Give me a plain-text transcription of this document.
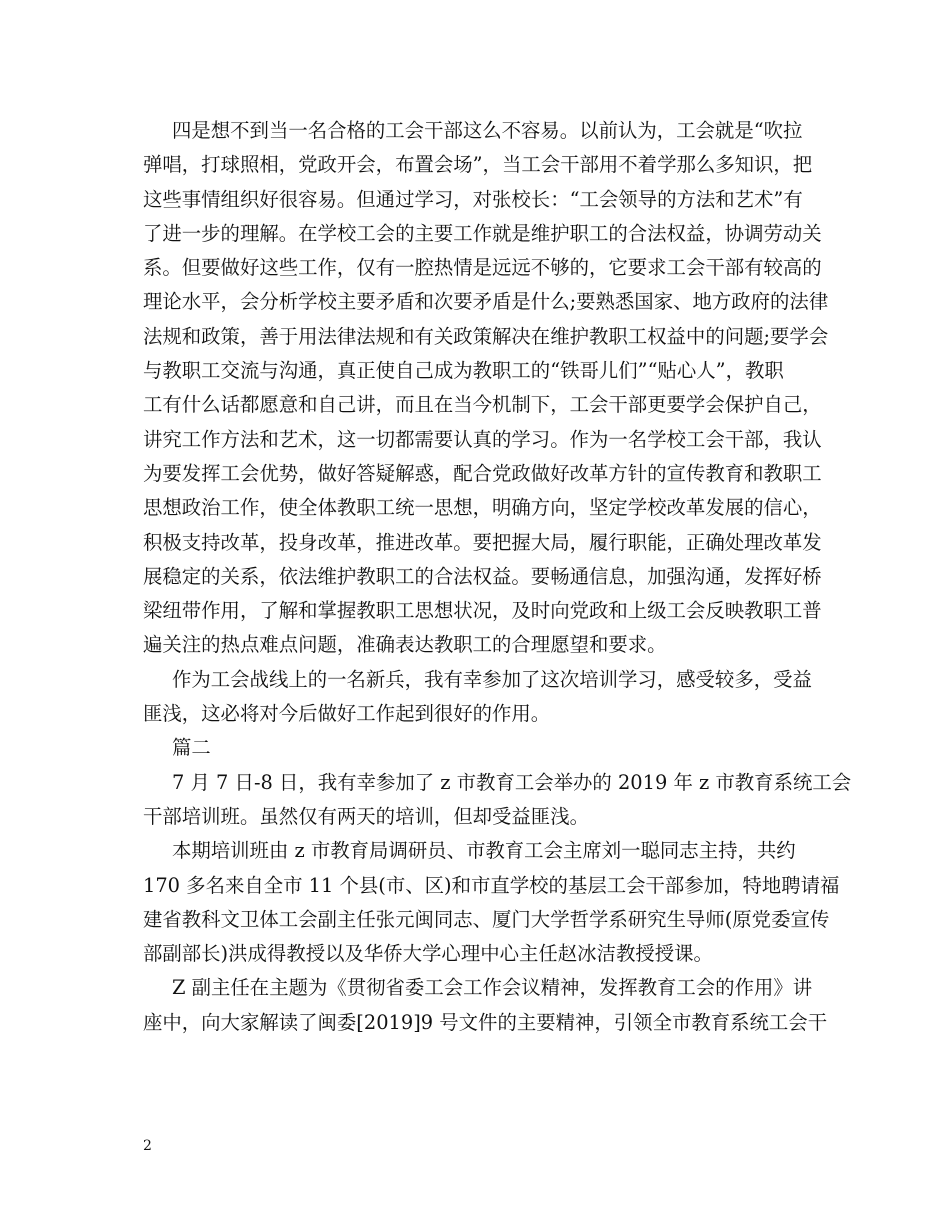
四是想不到当一名合格的工会干部这么不容易。以前认为，工会就是“吹拉
弹唱，打球照相，党政开会，布置会场”，当工会干部用不着学那么多知识，把
这些事情组织好很容易。但通过学习，对张校长：“工会领导的方法和艺术”有
了进一步的理解。在学校工会的主要工作就是维护职工的合法权益，协调劳动关
系。但要做好这些工作，仅有一腔热情是远远不够的，它要求工会干部有较高的
理论水平，会分析学校主要矛盾和次要矛盾是什么;要熟悉国家、地方政府的法律
法规和政策，善于用法律法规和有关政策解决在维护教职工权益中的问题;要学会
与教职工交流与沟通，真正使自己成为教职工的“铁哥儿们”“贴心人”，教职
工有什么话都愿意和自己讲，而且在当今机制下，工会干部更要学会保护自己，
讲究工作方法和艺术，这一切都需要认真的学习。作为一名学校工会干部，我认
为要发挥工会优势，做好答疑解惑，配合党政做好改革方针的宣传教育和教职工
思想政治工作，使全体教职工统一思想，明确方向，坚定学校改革发展的信心，
积极支持改革，投身改革，推进改革。要把握大局，履行职能，正确处理改革发
展稳定的关系，依法维护教职工的合法权益。要畅通信息，加强沟通，发挥好桥
梁纽带作用，了解和掌握教职工思想状况，及时向党政和上级工会反映教职工普
遍关注的热点难点问题，准确表达教职工的合理愿望和要求。

作为工会战线上的一名新兵，我有幸参加了这次培训学习，感受较多，受益
匪浅，这必将对今后做好工作起到很好的作用。

篇二

7 月 7 日-8 日，我有幸参加了 z 市教育工会举办的 2019 年 z 市教育系统工会
干部培训班。虽然仅有两天的培训，但却受益匪浅。

本期培训班由 z 市教育局调研员、市教育工会主席刘一聪同志主持，共约
170 多名来自全市 11 个县(市、区)和市直学校的基层工会干部参加，特地聘请福
建省教科文卫体工会副主任张元闽同志、厦门大学哲学系研究生导师(原党委宣传
部副部长)洪成得教授以及华侨大学心理中心主任赵冰洁教授授课。

Z 副主任在主题为《贯彻省委工会工作会议精神，发挥教育工会的作用》讲
座中，向大家解读了闽委[2019]9 号文件的主要精神，引领全市教育系统工会干

2
